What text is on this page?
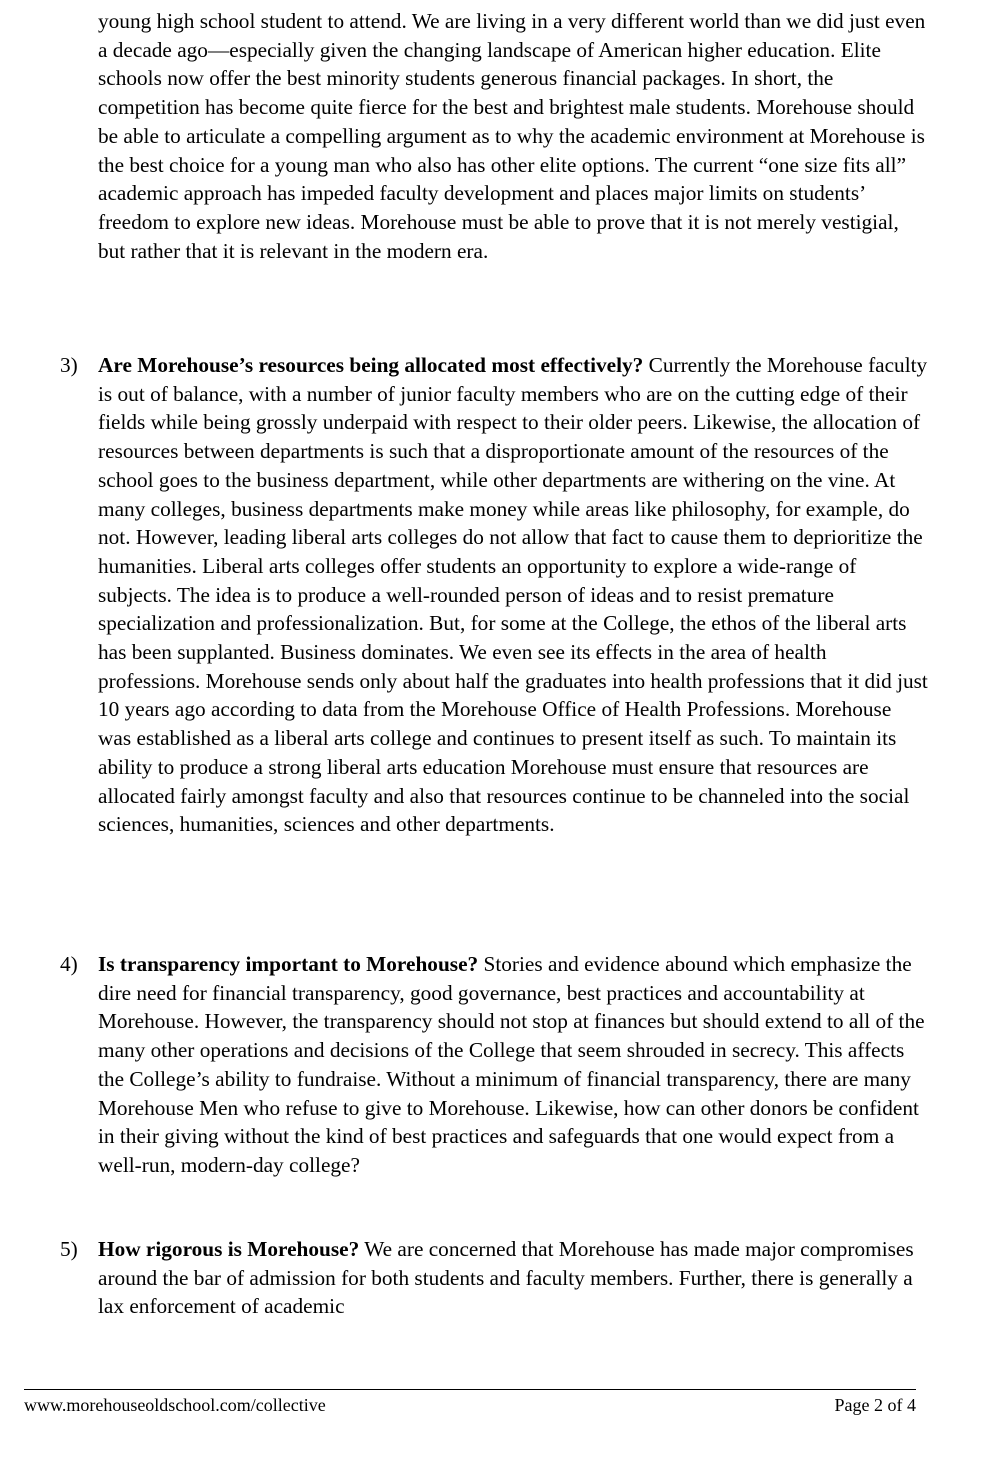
young high school student to attend. We are living in a very different world than we did just even a decade ago—especially given the changing landscape of American higher education. Elite schools now offer the best minority students generous financial packages. In short, the competition has become quite fierce for the best and brightest male students. Morehouse should be able to articulate a compelling argument as to why the academic environment at Morehouse is the best choice for a young man who also has other elite options. The current “one size fits all” academic approach has impeded faculty development and places major limits on students’ freedom to explore new ideas. Morehouse must be able to prove that it is not merely vestigial, but rather that it is relevant in the modern era.

3) Are Morehouse’s resources being allocated most effectively? Currently the Morehouse faculty is out of balance, with a number of junior faculty members who are on the cutting edge of their fields while being grossly underpaid with respect to their older peers. Likewise, the allocation of resources between departments is such that a disproportionate amount of the resources of the school goes to the business department, while other departments are withering on the vine. At many colleges, business departments make money while areas like philosophy, for example, do not. However, leading liberal arts colleges do not allow that fact to cause them to deprioritize the humanities. Liberal arts colleges offer students an opportunity to explore a wide-range of subjects. The idea is to produce a well-rounded person of ideas and to resist premature specialization and professionalization. But, for some at the College, the ethos of the liberal arts has been supplanted. Business dominates. We even see its effects in the area of health professions. Morehouse sends only about half the graduates into health professions that it did just 10 years ago according to data from the Morehouse Office of Health Professions. Morehouse was established as a liberal arts college and continues to present itself as such. To maintain its ability to produce a strong liberal arts education Morehouse must ensure that resources are allocated fairly amongst faculty and also that resources continue to be channeled into the social sciences, humanities, sciences and other departments.

4) Is transparency important to Morehouse? Stories and evidence abound which emphasize the dire need for financial transparency, good governance, best practices and accountability at Morehouse. However, the transparency should not stop at finances but should extend to all of the many other operations and decisions of the College that seem shrouded in secrecy. This affects the College’s ability to fundraise. Without a minimum of financial transparency, there are many Morehouse Men who refuse to give to Morehouse. Likewise, how can other donors be confident in their giving without the kind of best practices and safeguards that one would expect from a well-run, modern-day college?

5) How rigorous is Morehouse? We are concerned that Morehouse has made major compromises around the bar of admission for both students and faculty members. Further, there is generally a lax enforcement of academic

www.morehouseoldschool.com/collective	Page 2 of 4
